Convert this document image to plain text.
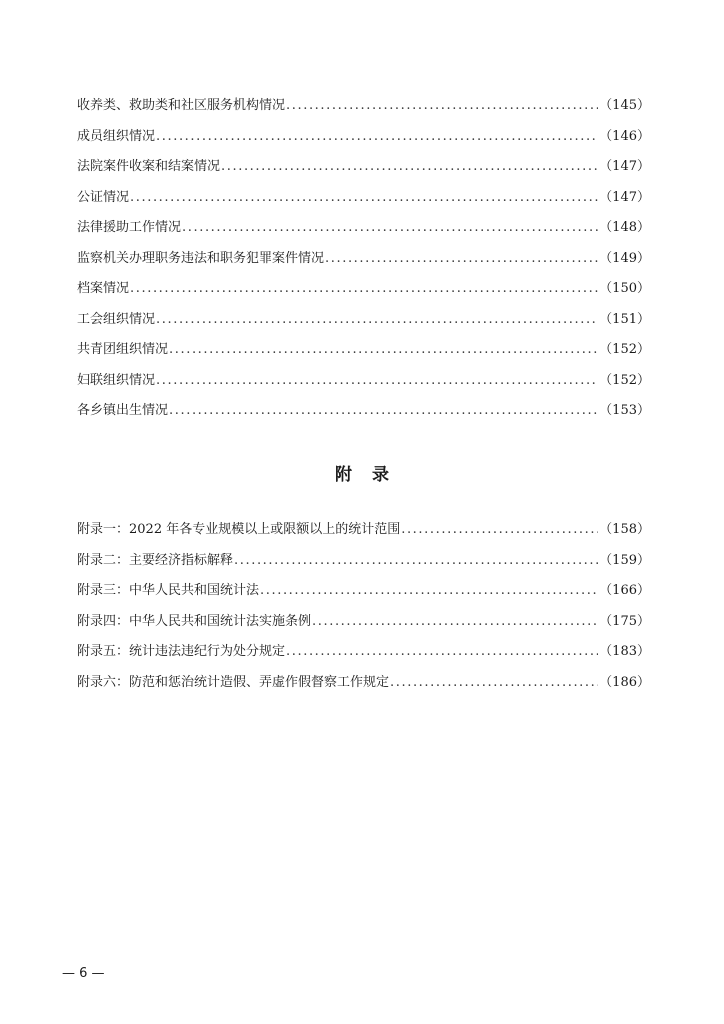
收养类、救助类和社区服务机构情况 .....	（145）
成员组织情况 .....	（146）
法院案件收案和结案情况 .....	（147）
公证情况 .....	（147）
法律援助工作情况 .....	（148）
监察机关办理职务违法和职务犯罪案件情况 .....	（149）
档案情况 .....	（150）
工会组织情况 .....	（151）
共青团组织情况 .....	（152）
妇联组织情况 .....	（152）
各乡镇出生情况 .....	（153）
附录
附录一：2022 年各专业规模以上或限额以上的统计范围 .....	（158）
附录二：主要经济指标解释 .....	（159）
附录三：中华人民共和国统计法 .....	（166）
附录四：中华人民共和国统计法实施条例 .....	（175）
附录五：统计违法违纪行为处分规定 .....	（183）
附录六：防范和惩治统计造假、弄虚作假督察工作规定 .....	（186）
— 6 —
